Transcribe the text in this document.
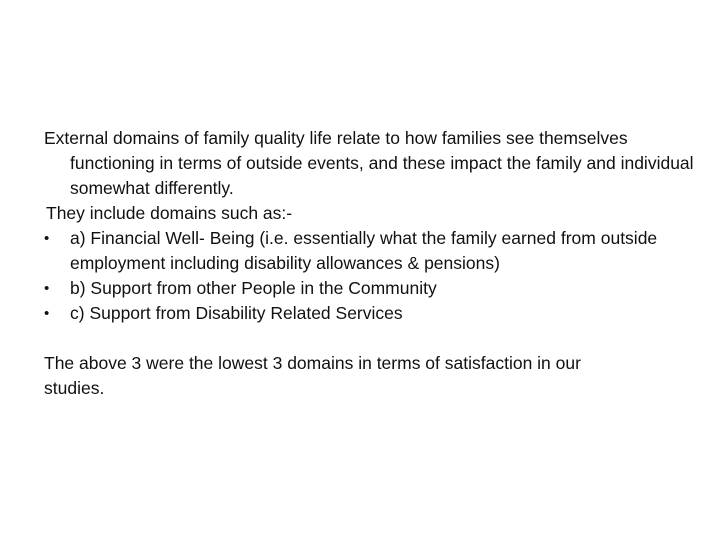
External domains of family quality life relate to how families see themselves functioning in terms of outside events, and these impact the family and individual somewhat differently.

They include domains such as:-

•	a) Financial Well- Being (i.e. essentially what the family earned from outside employment including disability allowances & pensions)
•	b) Support from other People in the Community
•	c) Support from Disability Related Services

The above 3 were the lowest 3 domains in terms of satisfaction in our studies.
